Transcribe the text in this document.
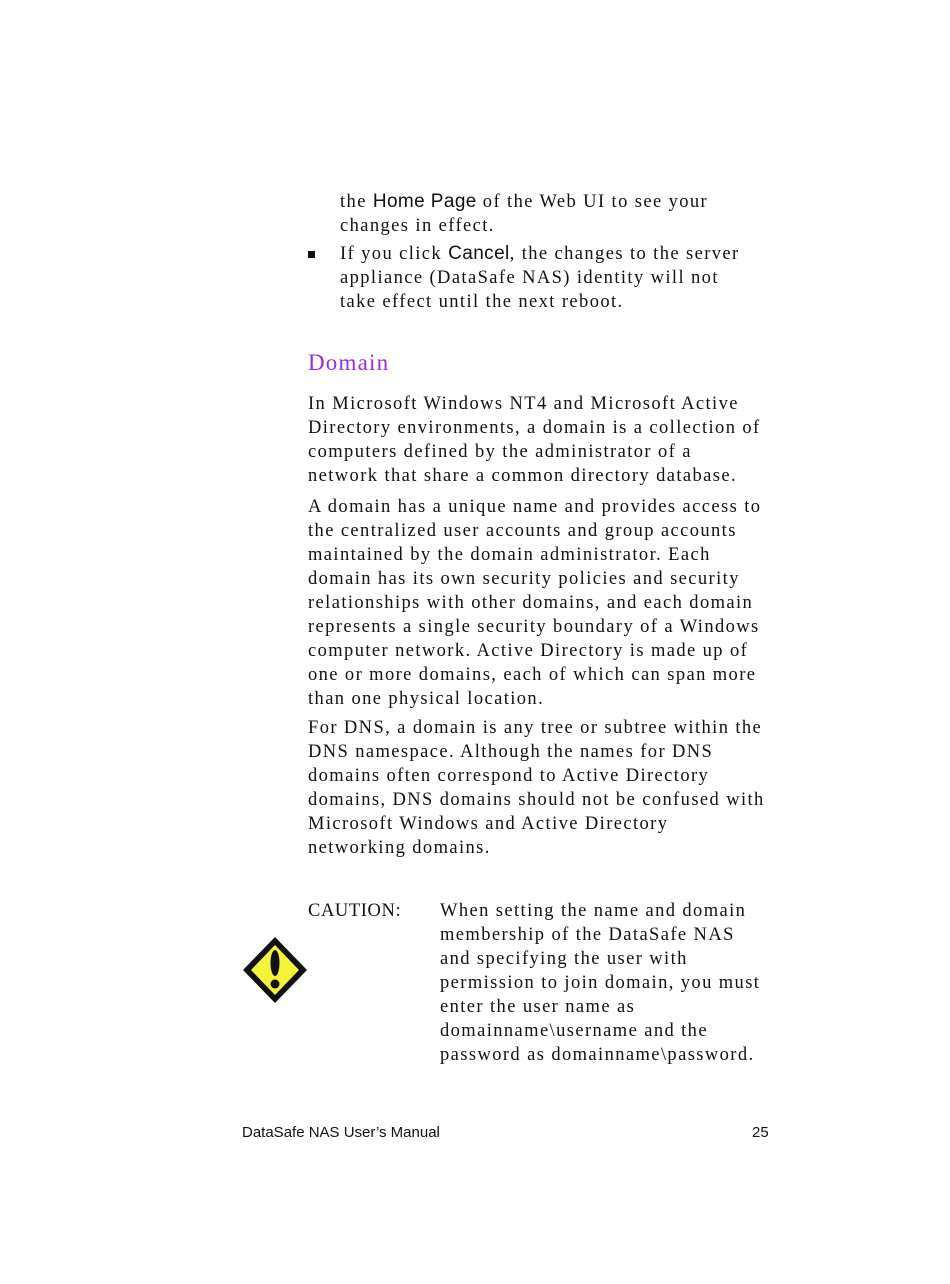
the Home Page of the Web UI to see your changes in effect.
If you click Cancel, the changes to the server appliance (DataSafe NAS) identity will not take effect until the next reboot.
Domain

In Microsoft Windows NT4 and Microsoft Active Directory environments, a domain is a collection of computers defined by the administrator of a network that share a common directory database.

A domain has a unique name and provides access to the centralized user accounts and group accounts maintained by the domain administrator. Each domain has its own security policies and security relationships with other domains, and each domain represents a single security boundary of a Windows computer network. Active Directory is made up of one or more domains, each of which can span more than one physical location.

For DNS, a domain is any tree or subtree within the DNS namespace. Although the names for DNS domains often correspond to Active Directory domains, DNS domains should not be confused with Microsoft Windows and Active Directory networking domains.

CAUTION: When setting the name and domain membership of the DataSafe NAS and specifying the user with permission to join domain, you must enter the user name as domainname\username and the password as domainname\password.
DataSafe NAS User’s Manual	25
